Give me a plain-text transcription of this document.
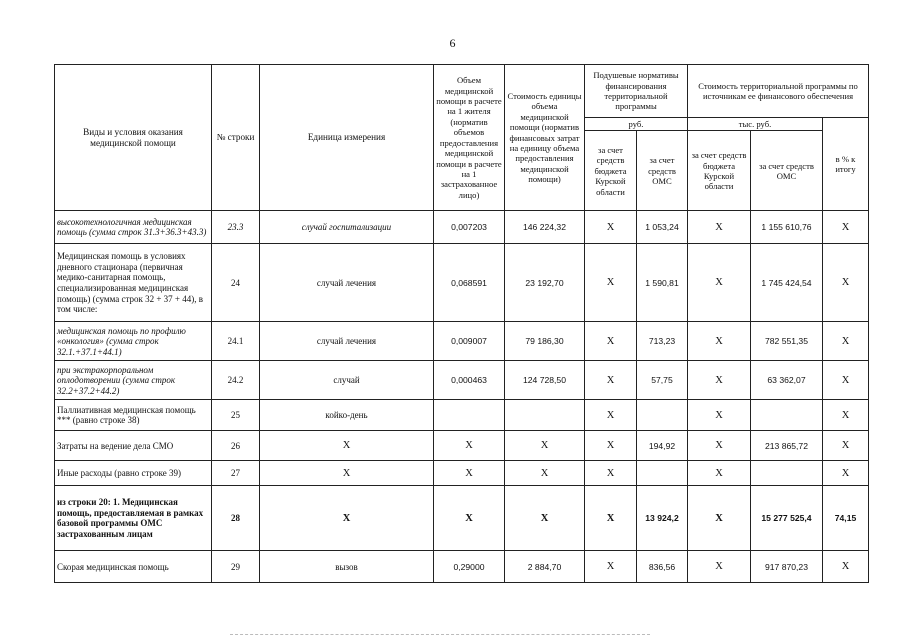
6
Виды и условия оказания медицинской помощи	№ строки	Единица измерения	Объем медицинской помощи в расчете на 1 жителя (норматив объемов предоставления медицинской помощи в расчете на 1 застрахованное лицо)	Стоимость единицы объема медицинской помощи (норматив финансовых затрат на единицу объема предоставления медицинской помощи)	Подушевые нормативы финансирования территориальной программы		Стоимость территориальной программы по источникам ее финансового обеспечения		
					руб.		тыс. руб.		в % к итогу
					за счет средств бюджета Курской области	за счет средств ОМС	за счет средств бюджета Курской области	за счет средств ОМС	
высокотехнологичная медицинская помощь (сумма строк 31.3+36.3+43.3)	23.3	случай госпитализации	0,007203	146 224,32	X	1 053,24	X	1 155 610,76	X
Медицинская помощь в условиях дневного стационара (первичная медико-санитарная помощь, специализированная медицинская помощь) (сумма строк 32 + 37 + 44), в том числе:	24	случай лечения	0,068591	23 192,70	X	1 590,81	X	1 745 424,54	X
медицинская помощь по профилю «онкология» (сумма строк 32.1.+37.1+44.1)	24.1	случай лечения	0,009007	79 186,30	X	713,23	X	782 551,35	X
при экстракорпоральном оплодотворении (сумма строк 32.2+37.2+44.2)	24.2	случай	0,000463	124 728,50	X	57,75	X	63 362,07	X
Паллиативная медицинская помощь *** (равно строке 38)	25	койко-день			X		X		X
Затраты на ведение дела СМО	26	X	X	X	X	194,92	X	213 865,72	X
Иные расходы (равно строке 39)	27	X	X	X	X		X		X
из строки 20: 1. Медицинская помощь, предоставляемая в рамках базовой программы ОМС застрахованным лицам	28	X	X	X	X	13 924,2	X	15 277 525,4	74,15
Скорая медицинская помощь	29	вызов	0,29000	2 884,70	X	836,56	X	917 870,23	X
